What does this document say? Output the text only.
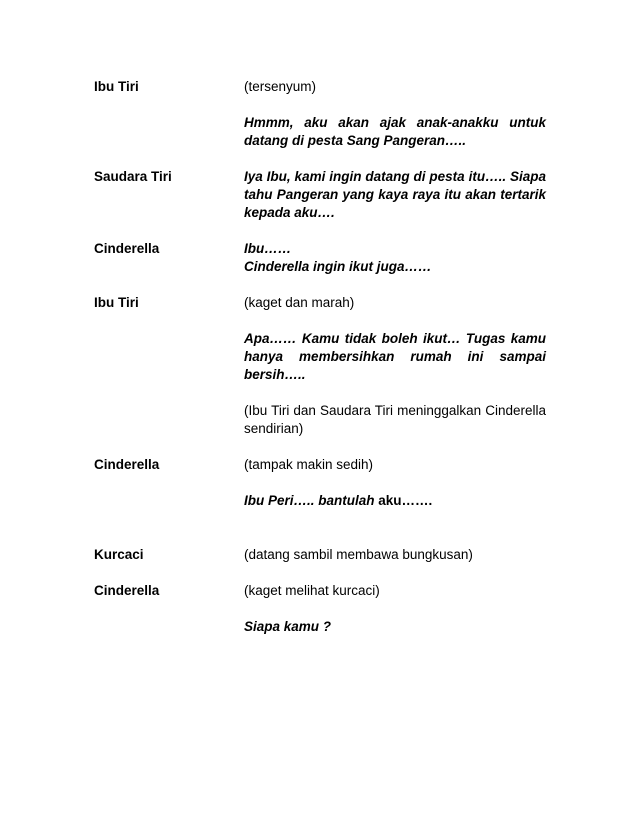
Ibu Tiri	(tersenyum)
Hmmm, aku akan ajak anak-anakku untuk datang di pesta Sang Pangeran…..
Saudara Tiri	Iya Ibu, kami ingin datang di pesta itu….. Siapa tahu Pangeran yang kaya raya itu akan tertarik kepada aku….
Cinderella	Ibu……
Cinderella ingin ikut juga……
Ibu Tiri	(kaget dan marah)
Apa…… Kamu tidak boleh ikut… Tugas kamu hanya membersihkan rumah ini sampai bersih…..
(Ibu Tiri dan Saudara Tiri meninggalkan Cinderella sendirian)
Cinderella	(tampak makin sedih)
Ibu Peri….. bantulah aku…….
Kurcaci	(datang sambil membawa bungkusan)
Cinderella	(kaget melihat kurcaci)
Siapa kamu ?
